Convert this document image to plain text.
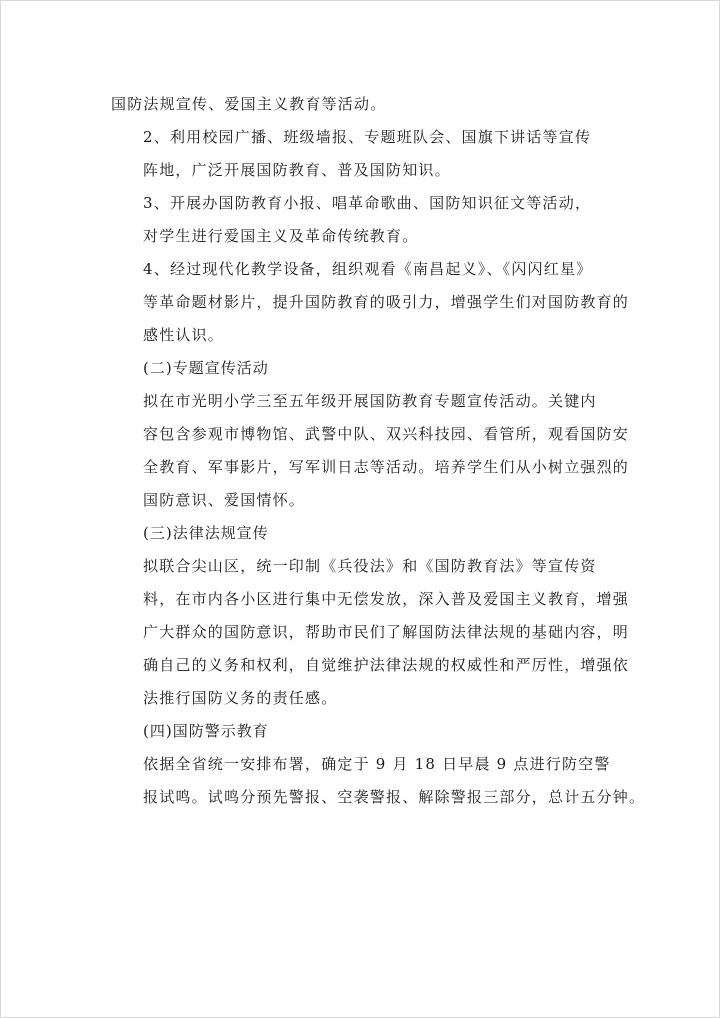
国防法规宣传、爱国主义教育等活动。

2、利用校园广播、班级墙报、专题班队会、国旗下讲话等宣传
阵地，广泛开展国防教育、普及国防知识。

3、开展办国防教育小报、唱革命歌曲、国防知识征文等活动，
对学生进行爱国主义及革命传统教育。

4、经过现代化教学设备，组织观看《南昌起义》、《闪闪红星》
等革命题材影片，提升国防教育的吸引力，增强学生们对国防教育的
感性认识。

(二)专题宣传活动

拟在市光明小学三至五年级开展国防教育专题宣传活动。关键内
容包含参观市博物馆、武警中队、双兴科技园、看管所，观看国防安
全教育、军事影片，写军训日志等活动。培养学生们从小树立强烈的
国防意识、爱国情怀。

(三)法律法规宣传

拟联合尖山区，统一印制《兵役法》和《国防教育法》等宣传资
料，在市内各小区进行集中无偿发放，深入普及爱国主义教育，增强
广大群众的国防意识，帮助市民们了解国防法律法规的基础内容，明
确自己的义务和权利，自觉维护法律法规的权威性和严厉性，增强依
法推行国防义务的责任感。

(四)国防警示教育

依据全省统一安排布署，确定于 9 月 18 日早晨 9 点进行防空警
报试鸣。试鸣分预先警报、空袭警报、解除警报三部分，总计五分钟。
